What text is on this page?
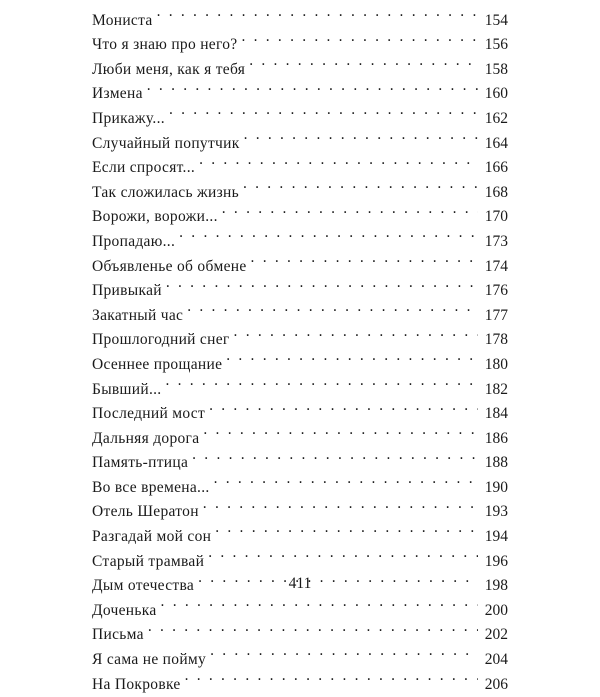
Мониста . . .	154
Что я знаю про него? . . .	156
Люби меня, как я тебя . . .	158
Измена . . .	160
Прикажу... . . .	162
Случайный попутчик . . .	164
Если спросят... . . .	166
Так сложилась жизнь . . .	168
Ворожи, ворожи... . . .	170
Пропадаю... . . .	173
Объявленье об обмене . . .	174
Привыкай . . .	176
Закатный час . . .	177
Прошлогодний снег . . .	178
Осеннее прощание . . .	180
Бывший... . . .	182
Последний мост . . .	184
Дальняя дорога . . .	186
Память-птица . . .	188
Во все времена... . . .	190
Отель Шератон . . .	193
Разгадай мой сон . . .	194
Старый трамвай . . .	196
Дым отечества . . .	198
Доченька . . .	200
Письма . . .	202
Я сама не пойму . . .	204
На Покровке . . .	206
411
